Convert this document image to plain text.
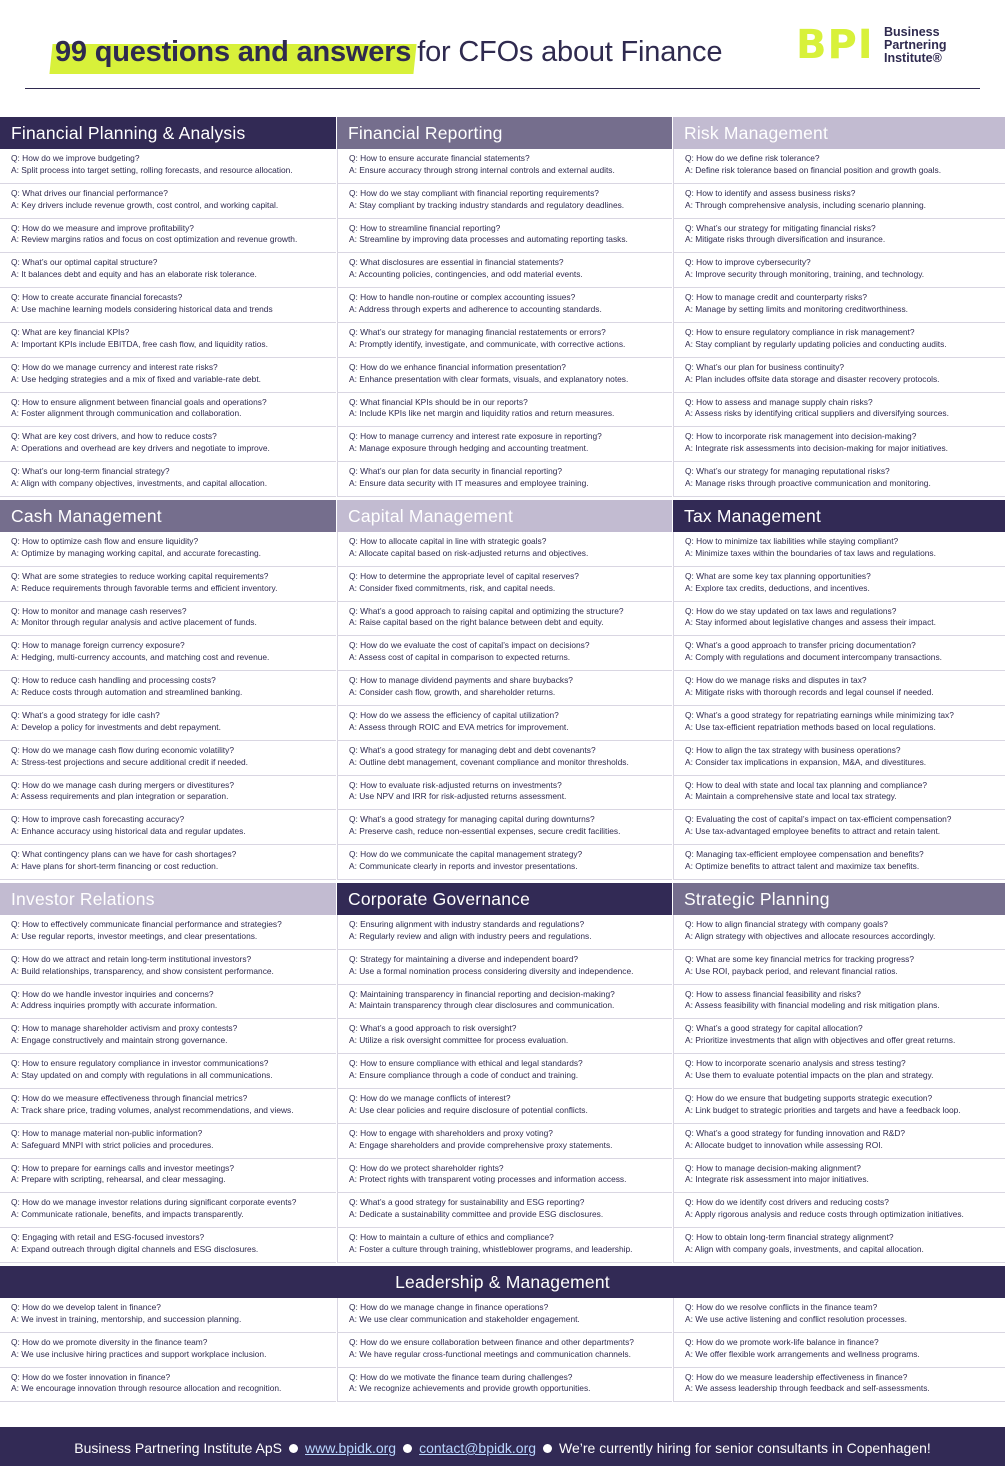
99 questions and answers for CFOs about Finance BPI Business
Partnering
Institute®
Financial Planning & Analysis
Q: How do we improve budgeting?
A: Split process into target setting, rolling forecasts, and resource allocation.
Q: What drives our financial performance?
A: Key drivers include revenue growth, cost control, and working capital.
Q: How do we measure and improve profitability?
A: Review margins ratios and focus on cost optimization and revenue growth.
Q: What’s our optimal capital structure?
A: It balances debt and equity and has an elaborate risk tolerance.
Q: How to create accurate financial forecasts?
A: Use machine learning models considering historical data and trends
Q: What are key financial KPIs?
A: Important KPIs include EBITDA, free cash flow, and liquidity ratios.
Q: How do we manage currency and interest rate risks?
A: Use hedging strategies and a mix of fixed and variable-rate debt.
Q: How to ensure alignment between financial goals and operations?
A: Foster alignment through communication and collaboration.
Q: What are key cost drivers, and how to reduce costs?
A: Operations and overhead are key drivers and negotiate to improve.
Q: What’s our long-term financial strategy?
A: Align with company objectives, investments, and capital allocation.
Financial Reporting
Q: How to ensure accurate financial statements?
A: Ensure accuracy through strong internal controls and external audits.
Q: How do we stay compliant with financial reporting requirements?
A: Stay compliant by tracking industry standards and regulatory deadlines.
Q: How to streamline financial reporting?
A: Streamline by improving data processes and automating reporting tasks.
Q: What disclosures are essential in financial statements?
A: Accounting policies, contingencies, and odd material events.
Q: How to handle non-routine or complex accounting issues?
A: Address through experts and adherence to accounting standards.
Q: What’s our strategy for managing financial restatements or errors?
A: Promptly identify, investigate, and communicate, with corrective actions.
Q: How do we enhance financial information presentation?
A: Enhance presentation with clear formats, visuals, and explanatory notes.
Q: What financial KPIs should be in our reports?
A: Include KPIs like net margin and liquidity ratios and return measures.
Q: How to manage currency and interest rate exposure in reporting?
A: Manage exposure through hedging and accounting treatment.
Q: What’s our plan for data security in financial reporting?
A: Ensure data security with IT measures and employee training.
Risk Management
Q: How do we define risk tolerance?
A: Define risk tolerance based on financial position and growth goals.
Q: How to identify and assess business risks?
A: Through comprehensive analysis, including scenario planning.
Q: What’s our strategy for mitigating financial risks?
A: Mitigate risks through diversification and insurance.
Q: How to improve cybersecurity?
A: Improve security through monitoring, training, and technology.
Q: How to manage credit and counterparty risks?
A: Manage by setting limits and monitoring creditworthiness.
Q: How to ensure regulatory compliance in risk management?
A: Stay compliant by regularly updating policies and conducting audits.
Q: What’s our plan for business continuity?
A: Plan includes offsite data storage and disaster recovery protocols.
Q: How to assess and manage supply chain risks?
A: Assess risks by identifying critical suppliers and diversifying sources.
Q: How to incorporate risk management into decision-making?
A: Integrate risk assessments into decision-making for major initiatives.
Q: What’s our strategy for managing reputational risks?
A: Manage risks through proactive communication and monitoring.
Cash Management
Q: How to optimize cash flow and ensure liquidity?
A: Optimize by managing working capital, and accurate forecasting.
Q: What are some strategies to reduce working capital requirements?
A: Reduce requirements through favorable terms and efficient inventory.
Q: How to monitor and manage cash reserves?
A: Monitor through regular analysis and active placement of funds.
Q: How to manage foreign currency exposure?
A: Hedging, multi-currency accounts, and matching cost and revenue.
Q: How to reduce cash handling and processing costs?
A: Reduce costs through automation and streamlined banking.
Q: What’s a good strategy for idle cash?
A: Develop a policy for investments and debt repayment.
Q: How do we manage cash flow during economic volatility?
A: Stress-test projections and secure additional credit if needed.
Q: How do we manage cash during mergers or divestitures?
A: Assess requirements and plan integration or separation.
Q: How to improve cash forecasting accuracy?
A: Enhance accuracy using historical data and regular updates.
Q: What contingency plans can we have for cash shortages?
A: Have plans for short-term financing or cost reduction.
Capital Management
Q: How to allocate capital in line with strategic goals?
A: Allocate capital based on risk-adjusted returns and objectives.
Q: How to determine the appropriate level of capital reserves?
A: Consider fixed commitments, risk, and capital needs.
Q: What’s a good approach to raising capital and optimizing the structure?
A: Raise capital based on the right balance between debt and equity.
Q: How do we evaluate the cost of capital’s impact on decisions?
A: Assess cost of capital in comparison to expected returns.
Q: How to manage dividend payments and share buybacks?
A: Consider cash flow, growth, and shareholder returns.
Q: How do we assess the efficiency of capital utilization?
A: Assess through ROIC and EVA metrics for improvement.
Q: What’s a good strategy for managing debt and debt covenants?
A: Outline debt management, covenant compliance and monitor thresholds.
Q: How to evaluate risk-adjusted returns on investments?
A: Use NPV and IRR for risk-adjusted returns assessment.
Q: What’s a good strategy for managing capital during downturns?
A: Preserve cash, reduce non-essential expenses, secure credit facilities.
Q: How do we communicate the capital management strategy?
A: Communicate clearly in reports and investor presentations.
Tax Management
Q: How to minimize tax liabilities while staying compliant?
A: Minimize taxes within the boundaries of tax laws and regulations.
Q: What are some key tax planning opportunities?
A: Explore tax credits, deductions, and incentives.
Q: How do we stay updated on tax laws and regulations?
A: Stay informed about legislative changes and assess their impact.
Q: What’s a good approach to transfer pricing documentation?
A: Comply with regulations and document intercompany transactions.
Q: How do we manage risks and disputes in tax?
A: Mitigate risks with thorough records and legal counsel if needed.
Q: What’s a good strategy for repatriating earnings while minimizing tax?
A: Use tax-efficient repatriation methods based on local regulations.
Q: How to align the tax strategy with business operations?
A: Consider tax implications in expansion, M&A, and divestitures.
Q: How to deal with state and local tax planning and compliance?
A: Maintain a comprehensive state and local tax strategy.
Q: Evaluating the cost of capital’s impact on tax-efficient compensation?
A: Use tax-advantaged employee benefits to attract and retain talent.
Q: Managing tax-efficient employee compensation and benefits?
A: Optimize benefits to attract talent and maximize tax benefits.
Investor Relations
Q: How to effectively communicate financial performance and strategies?
A: Use regular reports, investor meetings, and clear presentations.
Q: How do we attract and retain long-term institutional investors?
A: Build relationships, transparency, and show consistent performance.
Q: How do we handle investor inquiries and concerns?
A: Address inquiries promptly with accurate information.
Q: How to manage shareholder activism and proxy contests?
A: Engage constructively and maintain strong governance.
Q: How to ensure regulatory compliance in investor communications?
A: Stay updated on and comply with regulations in all communications.
Q: How do we measure effectiveness through financial metrics?
A: Track share price, trading volumes, analyst recommendations, and views.
Q: How to manage material non-public information?
A: Safeguard MNPI with strict policies and procedures.
Q: How to prepare for earnings calls and investor meetings?
A: Prepare with scripting, rehearsal, and clear messaging.
Q: How do we manage investor relations during significant corporate events?
A: Communicate rationale, benefits, and impacts transparently.
Q: Engaging with retail and ESG-focused investors?
A: Expand outreach through digital channels and ESG disclosures.
Corporate Governance
Q: Ensuring alignment with industry standards and regulations?
A: Regularly review and align with industry peers and regulations.
Q: Strategy for maintaining a diverse and independent board?
A: Use a formal nomination process considering diversity and independence.
Q: Maintaining transparency in financial reporting and decision-making?
A: Maintain transparency through clear disclosures and communication.
Q: What’s a good approach to risk oversight?
A: Utilize a risk oversight committee for process evaluation.
Q: How to ensure compliance with ethical and legal standards?
A: Ensure compliance through a code of conduct and training.
Q: How do we manage conflicts of interest?
A: Use clear policies and require disclosure of potential conflicts.
Q: How to engage with shareholders and proxy voting?
A: Engage shareholders and provide comprehensive proxy statements.
Q: How do we protect shareholder rights?
A: Protect rights with transparent voting processes and information access.
Q: What’s a good strategy for sustainability and ESG reporting?
A: Dedicate a sustainability committee and provide ESG disclosures.
Q: How to maintain a culture of ethics and compliance?
A: Foster a culture through training, whistleblower programs, and leadership.
Strategic Planning
Q: How to align financial strategy with company goals?
A: Align strategy with objectives and allocate resources accordingly.
Q: What are some key financial metrics for tracking progress?
A: Use ROI, payback period, and relevant financial ratios.
Q: How to assess financial feasibility and risks?
A: Assess feasibility with financial modeling and risk mitigation plans.
Q: What’s a good strategy for capital allocation?
A: Prioritize investments that align with objectives and offer great returns.
Q: How to incorporate scenario analysis and stress testing?
A: Use them to evaluate potential impacts on the plan and strategy.
Q: How do we ensure that budgeting supports strategic execution?
A: Link budget to strategic priorities and targets and have a feedback loop.
Q: What’s a good strategy for funding innovation and R&D?
A: Allocate budget to innovation while assessing ROI.
Q: How to manage decision-making alignment?
A: Integrate risk assessment into major initiatives.
Q: How do we identify cost drivers and reducing costs?
A: Apply rigorous analysis and reduce costs through optimization initiatives.
Q: How to obtain long-term financial strategy alignment?
A: Align with company goals, investments, and capital allocation.
Leadership & Management
Q: How do we develop talent in finance?
A: We invest in training, mentorship, and succession planning.
Q: How do we promote diversity in the finance team?
A: We use inclusive hiring practices and support workplace inclusion.
Q: How do we foster innovation in finance?
A: We encourage innovation through resource allocation and recognition.
Q: How do we manage change in finance operations?
A: We use clear communication and stakeholder engagement.
Q: How do we ensure collaboration between finance and other departments?
A: We have regular cross-functional meetings and communication channels.
Q: How do we motivate the finance team during challenges?
A: We recognize achievements and provide growth opportunities.
Q: How do we resolve conflicts in the finance team?
A: We use active listening and conflict resolution processes.
Q: How do we promote work-life balance in finance?
A: We offer flexible work arrangements and wellness programs.
Q: How do we measure leadership effectiveness in finance?
A: We assess leadership through feedback and self-assessments.
Business Partnering Institute ApS www.bpidk.org contact@bpidk.org We’re currently hiring for senior consultants in Copenhagen!
